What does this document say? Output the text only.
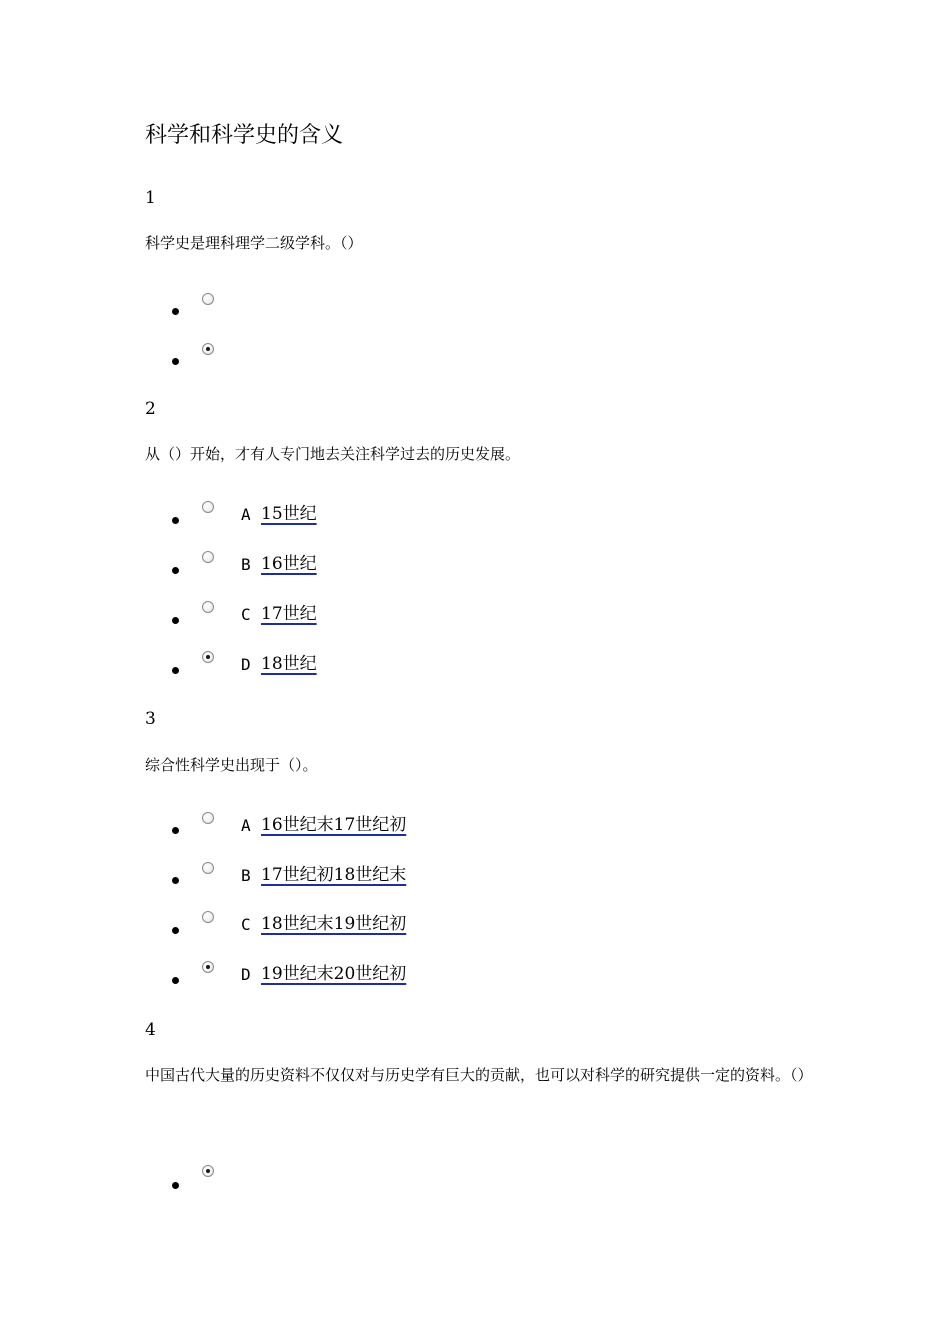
科学和科学史的含义
1
科学史是理科理学二级学科。（）
2
从（）开始，才有人专门地去关注科学过去的历史发展。
A 15世纪
B 16世纪
C 17世纪
D 18世纪
3
综合性科学史出现于（）。
A 16世纪末17世纪初
B 17世纪初18世纪末
C 18世纪末19世纪初
D 19世纪末20世纪初
4
中国古代大量的历史资料不仅仅对与历史学有巨大的贡献，也可以对科学的研究提供一定的资料。（）
